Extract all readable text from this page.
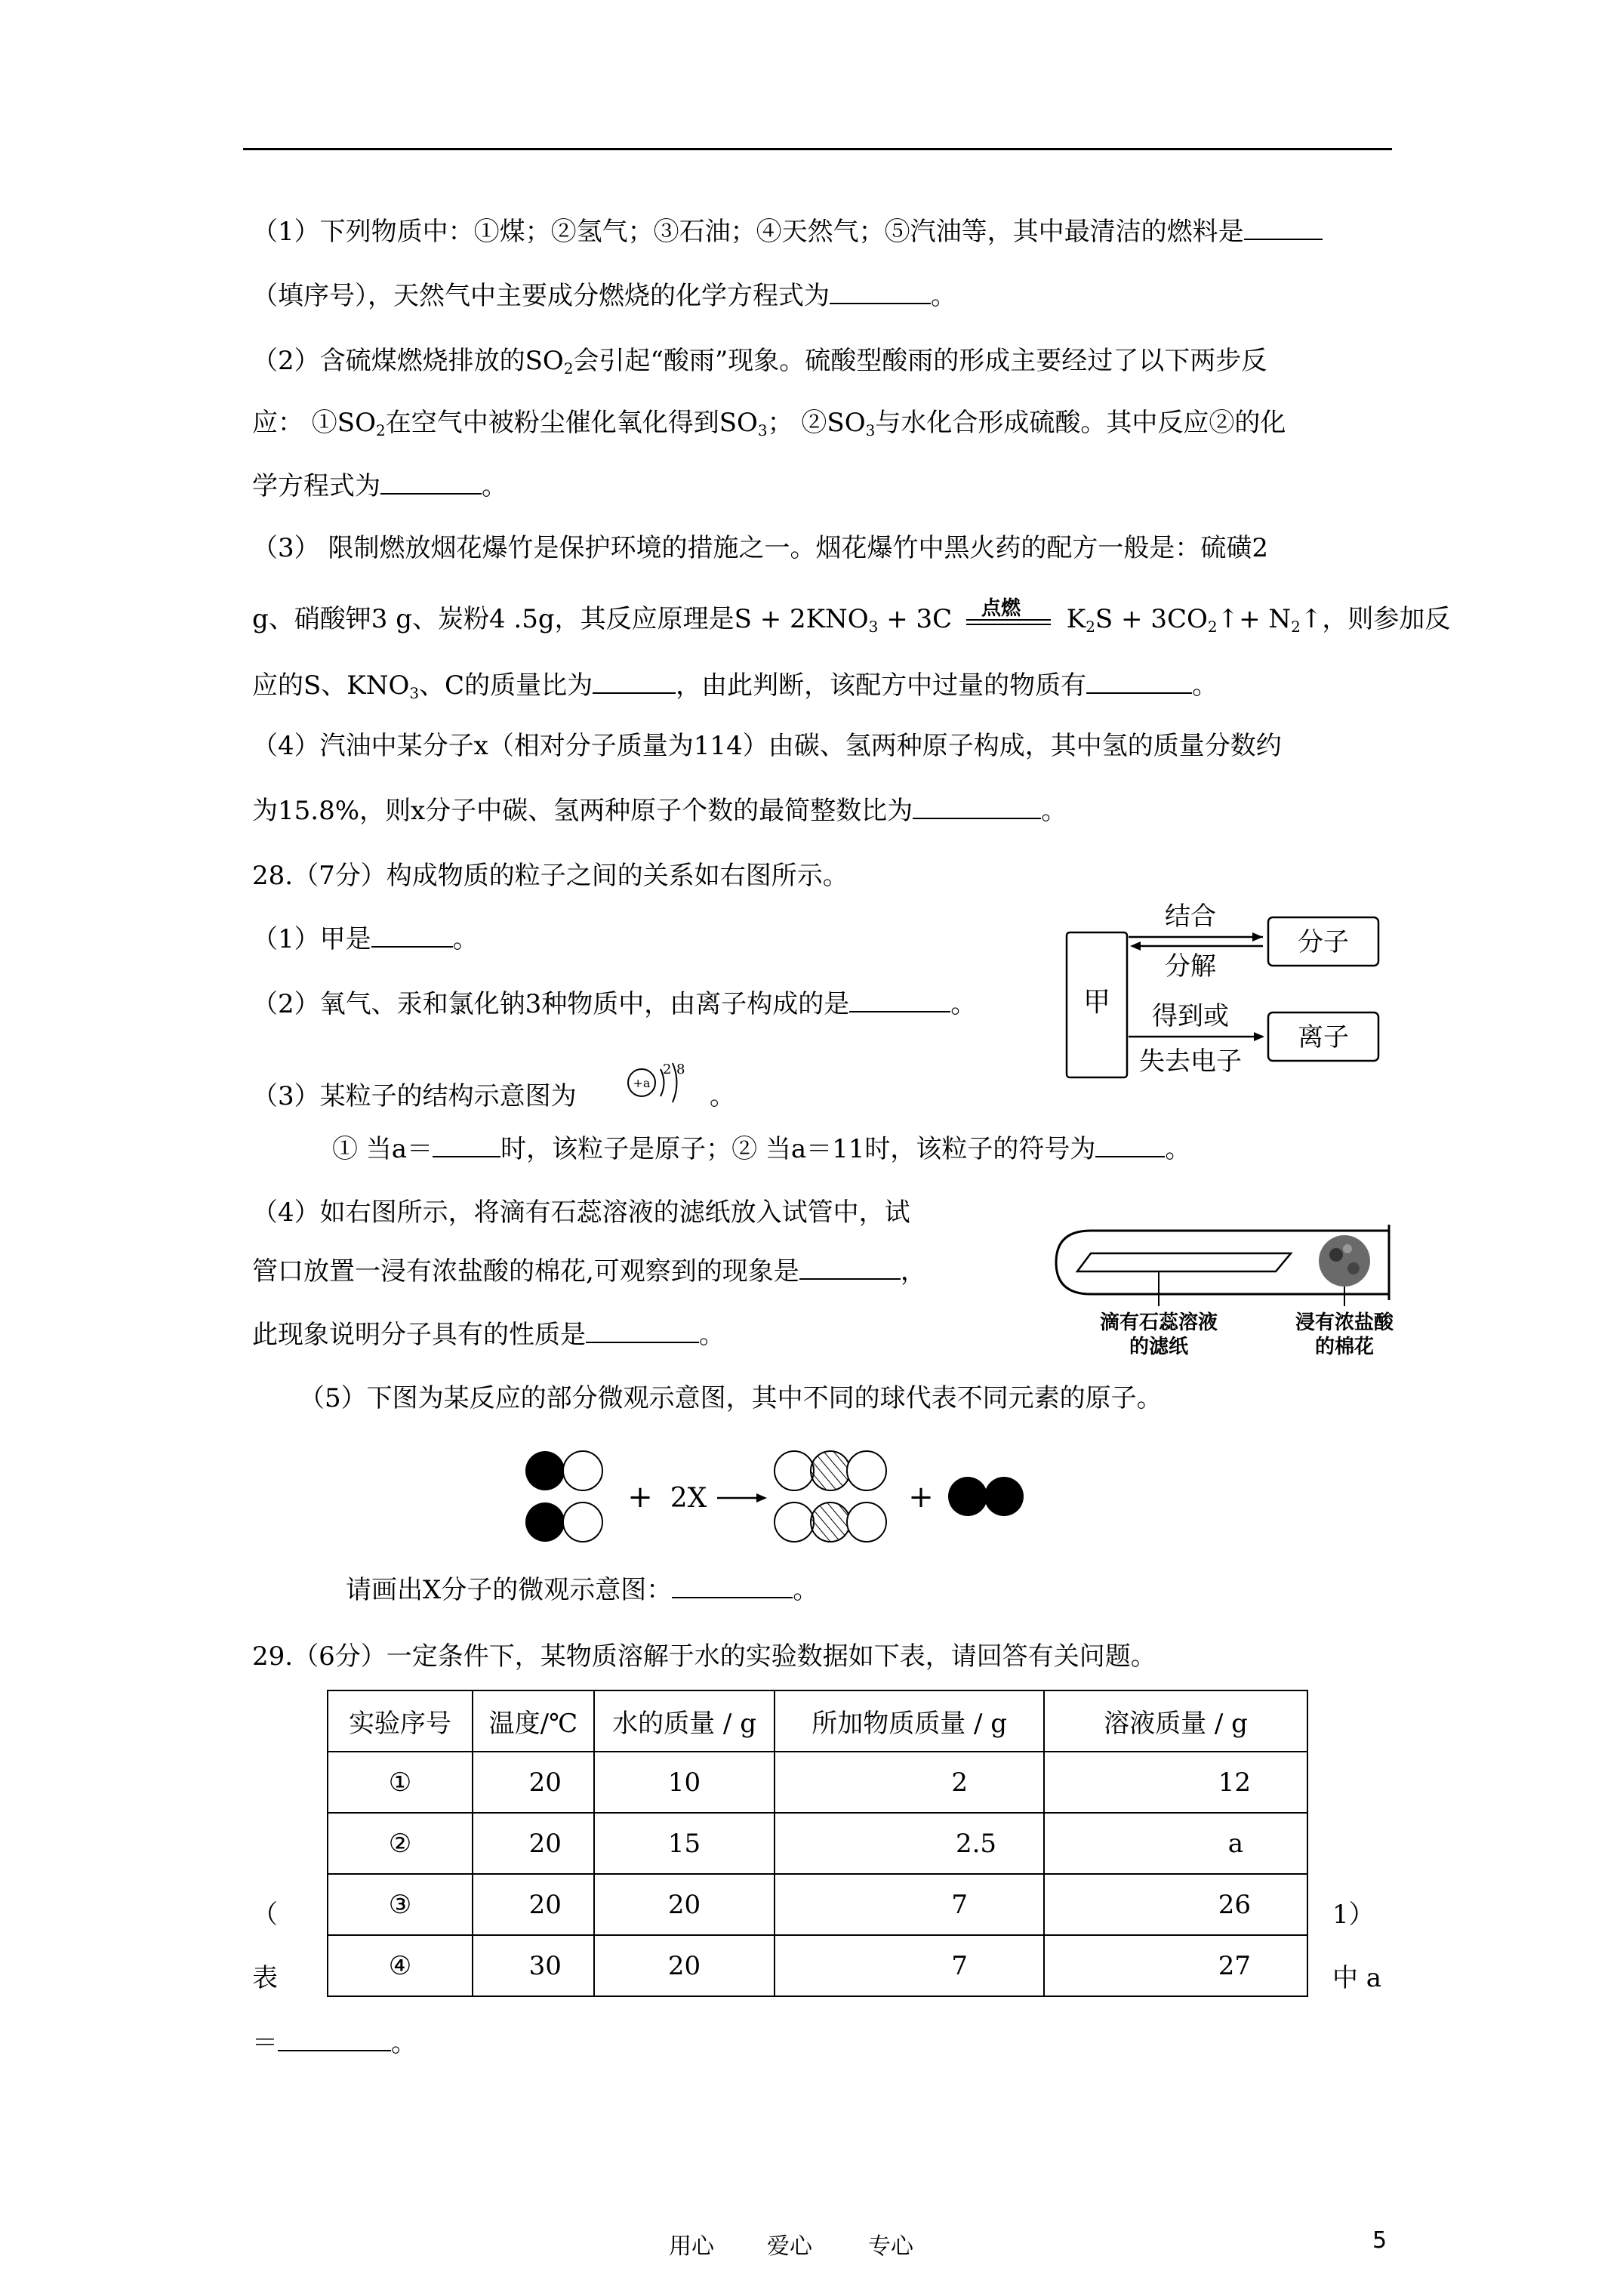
（1）下列物质中：①煤；②氢气；③石油；④天然气；⑤汽油等，其中最清洁的燃料是
（填序号），天然气中主要成分燃烧的化学方程式为	。
（2）含硫煤燃烧排放的$SO_2$会引起“酸雨”现象。硫酸型酸雨的形成主要经过了以下两步反
应： $①SO_2$在空气中被粉尘催化氧化得到$SO_3$； $②SO_3$与水化合形成硫酸。其中反应②的化
学方程式为	。
（3） 限制燃放烟花爆竹是保护环境的措施之一。烟花爆竹中黑火药的配方一般是：硫磺2
g、硝酸钾3 g、炭粉4 .5g，其反应原理是$S + 2KNO_3 + 3C$ 点燃 $K_2S$ + $3CO_2↑+$ $N_2↑$，则参加反
应的S、$KNO_3$、C的质量比为	，由此判断，该配方中过量的物质有	。
（4）汽油中某分子x（相对分子质量为114）由碳、氢两种原子构成，其中氢的质量分数约
为15.8%，则x分子中碳、氢两种原子个数的最简整数比为	。
28.（7分）构成物质的粒子之间的关系如右图所示。
（1）甲是	。
（2）氧气、汞和氯化钠3种物质中，由离子构成的是	。
（3）某粒子的结构示意图为	+a
2 8
。
① 当a＝	时，该粒子是原子；② 当a＝11时，该粒子的符号为	。
甲
结合
分解
分子
得到或
失去电子
离子
（4）如右图所示，将滴有石蕊溶液的滤纸放入试管中，试
管口放置一浸有浓盐酸的棉花,可观察到的现象是	，
此现象说明分子具有的性质是	。	滴有石蕊溶液
的滤纸
浸有浓盐酸
的棉花
（5）下图为某反应的部分微观示意图，其中不同的球代表不同元素的原子。
+ 2X	+
请画出X分子的微观示意图：	。
29.（6分）一定条件下，某物质溶解于水的实验数据如下表，请回答有关问题。
实验序号	温度/℃	水的质量 / g	所加物质质量 / g	溶液质量 / g
①	20	10	2	12
②	20	15	2.5	a
③	20	20	7	26
④	30	20	7	27
（	1）
表	中 a
＝	。
用心 爱心 专心	5
